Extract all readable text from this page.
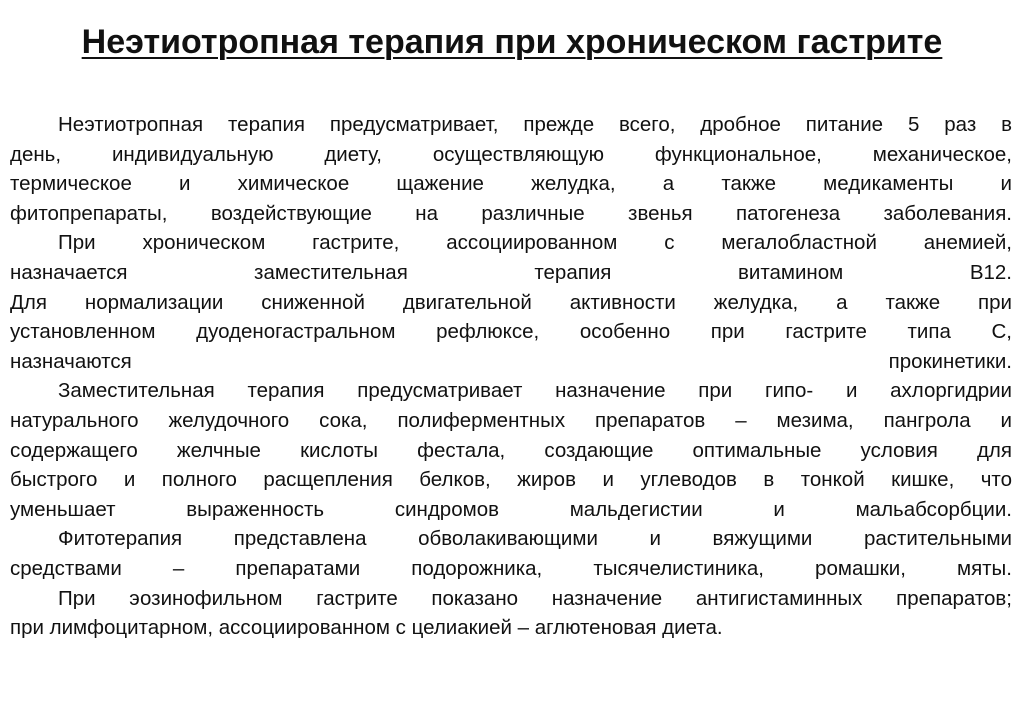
Неэтиотропная терапия при хроническом гастрите
Неэтиотропная терапия предусматривает, прежде всего, дробное питание 5 раз в
день, индивидуальную диету, осуществляющую функциональное, механическое,
термическое и химическое щажение желудка, а также медикаменты и
фитопрепараты, воздействующие на различные звенья патогенеза заболевания.
При хроническом гастрите, ассоциированном с мегалобластной анемией,
назначается заместительная терапия витамином B12.
Для нормализации сниженной двигательной активности желудка, а также при
установленном дуоденогастральном рефлюксе, особенно при гастрите типа С,
назначаются прокинетики.
Заместительная терапия предусматривает назначение при гипо- и ахлоргидрии
натурального желудочного сока, полиферментных препаратов – мезима, пангрола и
содержащего желчные кислоты фестала, создающие оптимальные условия для
быстрого и полного расщепления белков, жиров и углеводов в тонкой кишке, что
уменьшает выраженность синдромов мальдегистии и мальабсорбции.
Фитотерапия представлена обволакивающими и вяжущими растительными
средствами – препаратами подорожника, тысячелистиника, ромашки, мяты.
При эозинофильном гастрите показано назначение антигистаминных препаратов;
при лимфоцитарном, ассоциированном с целиакией – аглютеновая диета.
